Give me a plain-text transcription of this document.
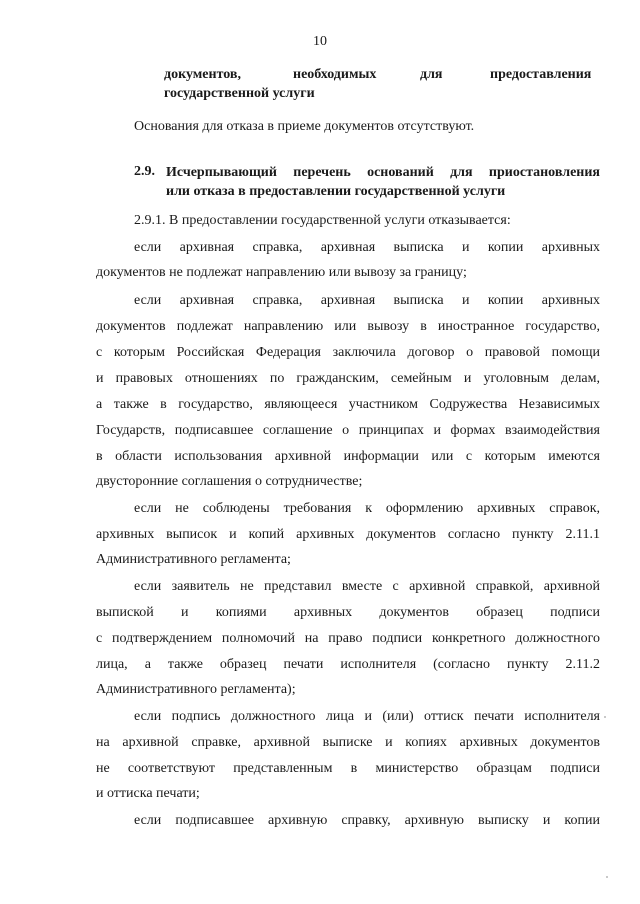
10
документов,	необходимых	для	предоставления
государственной услуги
Основания для отказа в приеме документов отсутствуют.
2.9. Исчерпывающий перечень оснований для приостановления
или отказа в предоставлении государственной услуги
2.9.1. В предоставлении государственной услуги отказывается:
если архивная справка, архивная выписка и копии архивных
документов не подлежат направлению или вывозу за границу;
если архивная справка, архивная выписка и копии архивных
документов подлежат направлению или вывозу в иностранное государство,
с которым Российская Федерация заключила договор о правовой помощи
и правовых отношениях по гражданским, семейным и уголовным делам,
а также в государство, являющееся участником Содружества Независимых
Государств, подписавшее соглашение о принципах и формах взаимодействия
в области использования архивной информации или с которым имеются
двусторонние соглашения о сотрудничестве;
если не соблюдены требования к оформлению архивных справок,
архивных выписок и копий архивных документов согласно пункту 2.11.1
Административного регламента;
если заявитель не представил вместе с архивной справкой, архивной
выпиской и копиями архивных документов образец подписи
с подтверждением полномочий на право подписи конкретного должностного
лица, а также образец печати исполнителя (согласно пункту 2.11.2
Административного регламента);
если подпись должностного лица и (или) оттиск печати исполнителя
на архивной справке, архивной выписке и копиях архивных документов
не соответствуют представленным в министерство образцам подписи
и оттиска печати;
если подписавшее архивную справку, архивную выписку и копии
